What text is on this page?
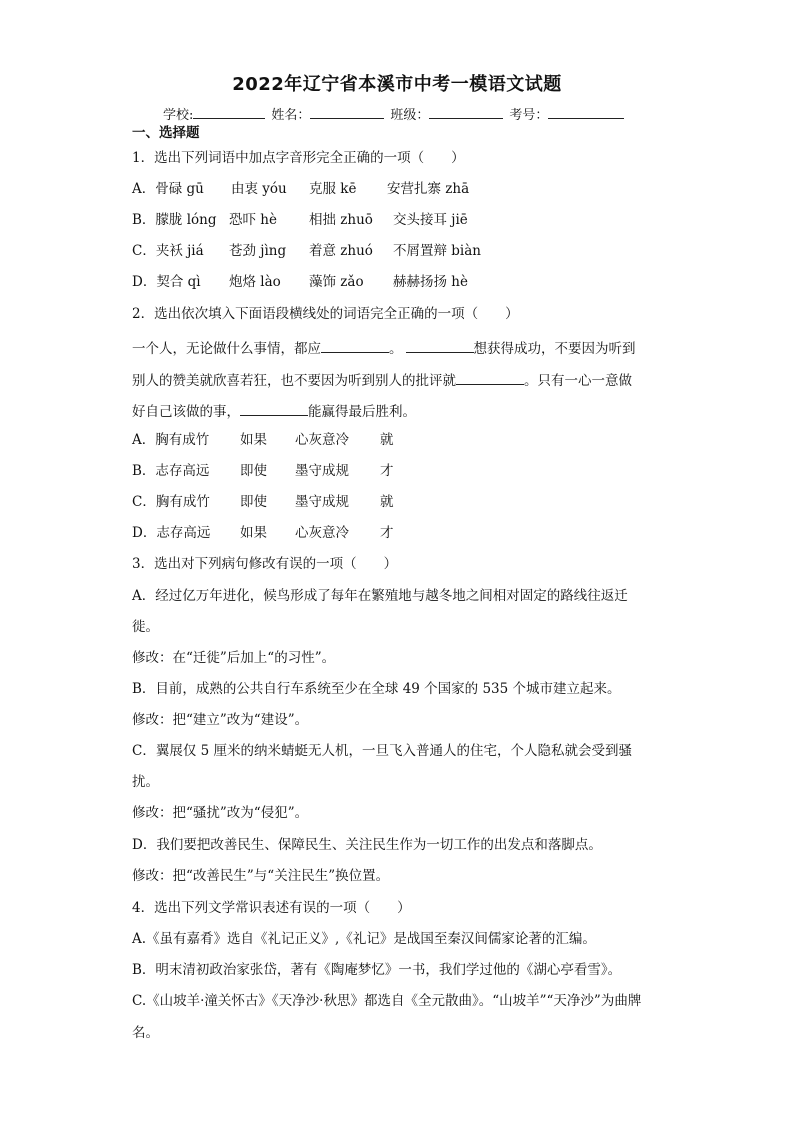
2022年辽宁省本溪市中考一模语文试题
学校:	姓名：	班级：	考号：
一、选择题
1．选出下列词语中加点字音形完全正确的一项（　　）
A．骨碌 gū 由衷 yóu 克服 kē 安营扎寨 zhā
B．朦胧 lóng 恐吓 hè 相拙 zhuō 交头接耳 jiē
C．夹袄 jiá 苍劲 jìng 着意 zhuó 不屑置辩 biàn
D．契合 qì 炮烙 lào 藻饰 zǎo 赫赫扬扬 hè
2．选出依次填入下面语段横线处的词语完全正确的一项（　　）
一个人，无论做什么事情，都应	。	想获得成功，不要因为听到
别人的赞美就欣喜若狂，也不要因为听到别人的批评就	。只有一心一意做
好自己该做的事，	能赢得最后胜利。
A．胸有成竹 如果 心灰意冷 就
B．志存高远 即使 墨守成规 才
C．胸有成竹 即使 墨守成规 就
D．志存高远 如果 心灰意冷 才
3．选出对下列病句修改有误的一项（　　）
A．经过亿万年进化，候鸟形成了每年在繁殖地与越冬地之间相对固定的路线往返迁
徙。
修改：在“迁徙”后加上“的习性”。
B．目前，成熟的公共自行车系统至少在全球 49 个国家的 535 个城市建立起来。
修改：把“建立”改为“建设”。
C．翼展仅 5 厘米的纳米蜻蜓无人机，一旦飞入普通人的住宅，个人隐私就会受到骚
扰。
修改：把“骚扰”改为“侵犯”。
D．我们要把改善民生、保障民生、关注民生作为一切工作的出发点和落脚点。
修改：把“改善民生”与“关注民生”换位置。
4．选出下列文学常识表述有误的一项（　　）
A.《虽有嘉肴》选自《礼记正义》,《礼记》是战国至秦汉间儒家论著的汇编。
B．明末清初政治家张岱，著有《陶庵梦忆》一书，我们学过他的《湖心亭看雪》。
C.《山坡羊·潼关怀古》《天净沙·秋思》都选自《全元散曲》。“山坡羊”“天净沙”为曲牌
名。
